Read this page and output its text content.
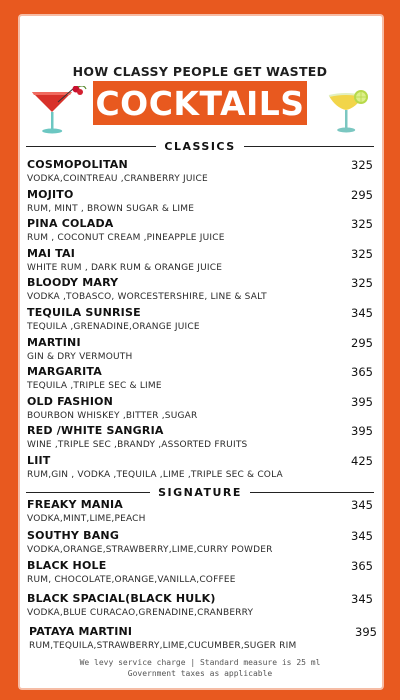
HOW CLASSY PEOPLE GET WASTED
COCKTAILS
CLASSICS
COSMOPOLITAN
VODKA,COINTREAU ,CRANBERRY JUICE
325
MOJITO
RUM, MINT , BROWN SUGAR & LIME
295
PINA COLADA
RUM , COCONUT CREAM ,PINEAPPLE JUICE
325
MAI TAI
WHITE RUM , DARK RUM & ORANGE JUICE
325
BLOODY MARY
VODKA ,TOBASCO, WORCESTERSHIRE, LINE & SALT
325
TEQUILA SUNRISE
TEQUILA ,GRENADINE,ORANGE JUICE
345
MARTINI
GIN & DRY VERMOUTH
295
MARGARITA
TEQUILA ,TRIPLE SEC & LIME
365
OLD FASHION
BOURBON WHISKEY ,BITTER ,SUGAR
395
RED /WHITE SANGRIA
WINE ,TRIPLE SEC ,BRANDY ,ASSORTED FRUITS
395
LIIT
RUM,GIN , VODKA ,TEQUILA ,LIME ,TRIPLE SEC & COLA
425
SIGNATURE
FREAKY MANIA
VODKA,MINT,LIME,PEACH
345
SOUTHY BANG
VODKA,ORANGE,STRAWBERRY,LIME,CURRY POWDER
345
BLACK HOLE
RUM, CHOCOLATE,ORANGE,VANILLA,COFFEE
365
BLACK SPACIAL(BLACK HULK)
VODKA,BLUE CURACAO,GRENADINE,CRANBERRY
345
PATAYA MARTINI
RUM,TEQUILA,STRAWBERRY,LIME,CUCUMBER,SUGER RIM
395
We levy service charge | Standard measure is 25 ml
Government taxes as applicable
